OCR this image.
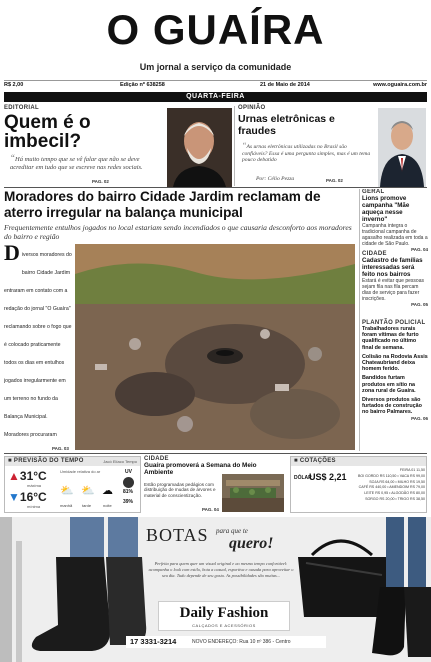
O GUAÍRA
Um jornal a serviço da comunidade
R$ 2,00	Edição nº 638258	21 de Maio de 2014	www.oguaira.com.br
QUARTA-FEIRA
EDITORIAL
Quem é o imbecil?
“Há muito tempo que se vê falar que não se deve acreditar em tudo que se escreve nas redes sociais.
PAG. 02
OPINIÃO
Urnas eletrônicas e fraudes
“As urnas eletrônicas utilizadas no Brasil são confiáveis? Essa é uma pergunta simples, mas é um tema pouco debatido
Por: Célio Pezza	PAG. 02
Moradores do bairro Cidade Jardim reclamam de aterro irregular na balança municipal
Frequentemente entulhos jogados no local estariam sendo incendiados o que causaria desconforto aos moradores do bairro e região
D iversos moradores do bairro Cidade Jardim entraram em contato com a redação do jornal "O Guaíra" reclamando sobre o fogo que é colocado praticamente todos os dias em entulhos jogados irregularmente em um terreno no fundo da Balança Municipal. Moradores procuraram
PAG. 03
GERAL
Lions promove campanha "Mãe aqueça nesse inverno"
Campanha integra o tradicional campanha de agasalho realizada em toda a cidade de São Paulo.
PAG. 04
CIDADE
Cadastro de famílias interessadas será feito nos bairros
Estará é evitar que pessoas sejam fila nas fila percam dias de serviço para fazer inscrições.
PAG. 05
PLANTÃO POLICIAL
Trabalhadores rurais foram vítimas de furto qualificado no último final de semana.
Colisão na Rodovia Assis Chateaubriand deixa homem ferido.
Bandidos furtam produtos em sítio na zona rural de Guaíra.
Diversos produtos são furtados de construção no bairro Palmares.
PAG. 06
■ PREVISÃO DO TEMPO	Jacó Elíaco Tempo
▲31°C
máxima
▼16°C
mínima
Umidade relativa do ar
⛅ ⛅ ☁
manhã tarde	noite
UV
81%
39%
CIDADE
Guaíra promoverá a Semana do Meio Ambiente
Estão programadas pedágios com distribuição de mudas de árvores e material de conscientização.
PAG. 04
■ COTAÇÕES
DÓLAR
US$ 2,21
FEIRA 01 11,50
BOI GORDO RS 110,50 • VACA RS 99,00
SOJA RS 64,00 • MILHO RS 19,50
CAFÉ RS 440,00 • AMENDOIM RS 79,00
LEITE RS 0,95 • ALGODÃO RS 80,00
SORGO RS 20,00 • TRIGO RS 38,50
BOTAS para que te
quero!
Perfeita para quem quer um visual original e ao mesmo tempo confortável: acompanha o look com estilo, bota a casual, esportiva e ousada para aproveitar o seu dia. Tudo depende de seu gosto. As possibilidades são muitas...
Daily Fashion
CALÇADOS E ACESSÓRIOS
17 3331-3214	NOVO ENDEREÇO: Rua 10 nº 386 - Centro
